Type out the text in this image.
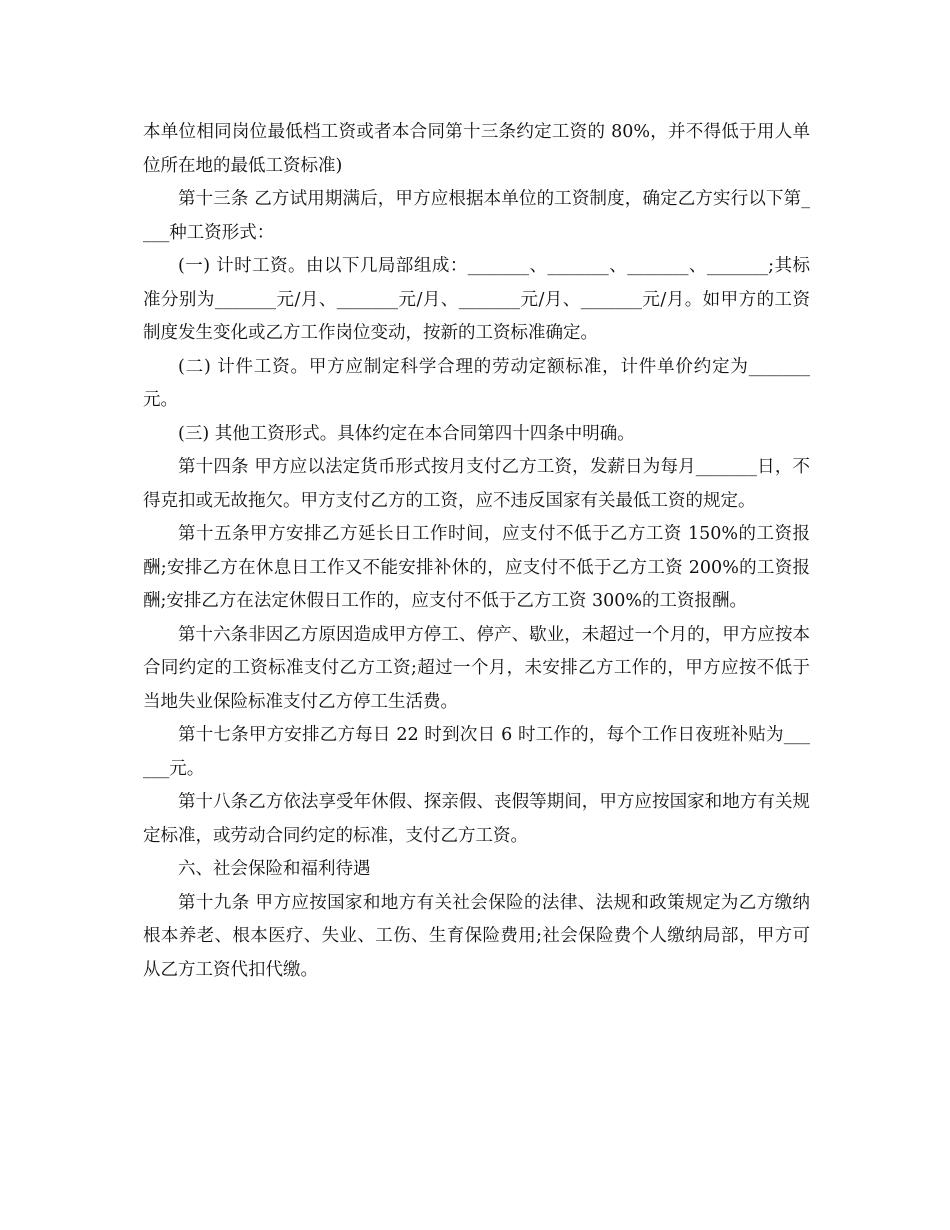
本单位相同岗位最低档工资或者本合同第十三条约定工资的 80%，并不得低于用人单位所在地的最低工资标准)

第十三条 乙方试用期满后，甲方应根据本单位的工资制度，确定乙方实行以下第____种工资形式：

(一) 计时工资。由以下几局部组成：_______、_______、_______、_______;其标准分别为_______元/月、_______元/月、_______元/月、_______元/月。如甲方的工资制度发生变化或乙方工作岗位变动，按新的工资标准确定。

(二) 计件工资。甲方应制定科学合理的劳动定额标准，计件单价约定为_______元。

(三) 其他工资形式。具体约定在本合同第四十四条中明确。

第十四条 甲方应以法定货币形式按月支付乙方工资，发薪日为每月_______日，不得克扣或无故拖欠。甲方支付乙方的工资，应不违反国家有关最低工资的规定。

第十五条甲方安排乙方延长日工作时间，应支付不低于乙方工资 150%的工资报酬;安排乙方在休息日工作又不能安排补休的，应支付不低于乙方工资 200%的工资报酬;安排乙方在法定休假日工作的，应支付不低于乙方工资 300%的工资报酬。

第十六条非因乙方原因造成甲方停工、停产、歇业，未超过一个月的，甲方应按本合同约定的工资标准支付乙方工资;超过一个月，未安排乙方工作的，甲方应按不低于当地失业保险标准支付乙方停工生活费。

第十七条甲方安排乙方每日 22 时到次日 6 时工作的，每个工作日夜班补贴为______元。

第十八条乙方依法享受年休假、探亲假、丧假等期间，甲方应按国家和地方有关规定标准，或劳动合同约定的标准，支付乙方工资。

六、社会保险和福利待遇

第十九条 甲方应按国家和地方有关社会保险的法律、法规和政策规定为乙方缴纳根本养老、根本医疗、失业、工伤、生育保险费用;社会保险费个人缴纳局部，甲方可从乙方工资代扣代缴。
